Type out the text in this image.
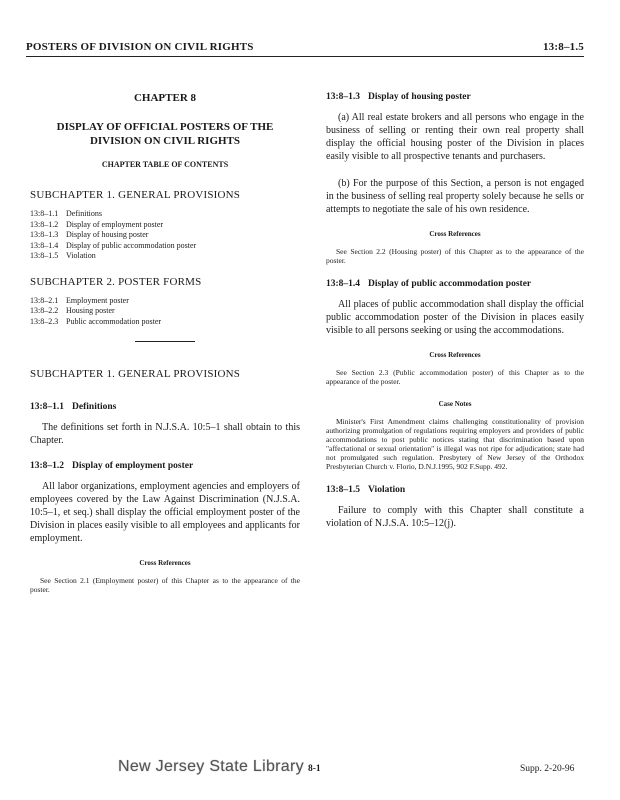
POSTERS OF DIVISION ON CIVIL RIGHTS	13:8–1.5
CHAPTER 8
DISPLAY OF OFFICIAL POSTERS OF THE DIVISION ON CIVIL RIGHTS
CHAPTER TABLE OF CONTENTS
SUBCHAPTER 1. GENERAL PROVISIONS
13:8–1.1 Definitions
13:8–1.2 Display of employment poster
13:8–1.3 Display of housing poster
13:8–1.4 Display of public accommodation poster
13:8–1.5 Violation
SUBCHAPTER 2. POSTER FORMS
13:8–2.1 Employment poster
13:8–2.2 Housing poster
13:8–2.3 Public accommodation poster
SUBCHAPTER 1. GENERAL PROVISIONS
13:8–1.1 Definitions

The definitions set forth in N.J.S.A. 10:5–1 shall obtain to this Chapter.

13:8–1.2 Display of employment poster

All labor organizations, employment agencies and employers of employees covered by the Law Against Discrimination (N.J.S.A. 10:5–1, et seq.) shall display the official employment poster of the Division in places easily visible to all employees and applicants for employment.

Cross References

See Section 2.1 (Employment poster) of this Chapter as to the appearance of the poster.

13:8–1.3 Display of housing poster

(a) All real estate brokers and all persons who engage in the business of selling or renting their own real property shall display the official housing poster of the Division in places easily visible to all prospective tenants and purchasers.

(b) For the purpose of this Section, a person is not engaged in the business of selling real property solely because he sells or attempts to negotiate the sale of his own residence.

Cross References

See Section 2.2 (Housing poster) of this Chapter as to the appearance of the poster.

13:8–1.4 Display of public accommodation poster

All places of public accommodation shall display the official public accommodation poster of the Division in places easily visible to all persons seeking or using the accommodations.

Cross References

See Section 2.3 (Public accommodation poster) of this Chapter as to the appearance of the poster.

Case Notes

Minister's First Amendment claims challenging constitutionality of provision authorizing promulgation of regulations requiring employers and providers of public accommodations to post public notices stating that discrimination based upon "affectational or sexual orientation" is illegal was not ripe for adjudication; state had not promulgated such regulation. Presbytery of New Jersey of the Orthodox Presbyterian Church v. Florio, D.N.J.1995, 902 F.Supp. 492.

13:8–1.5 Violation

Failure to comply with this Chapter shall constitute a violation of N.J.S.A. 10:5–12(j).

New Jersey State Library 8-1	Supp. 2-20-96
